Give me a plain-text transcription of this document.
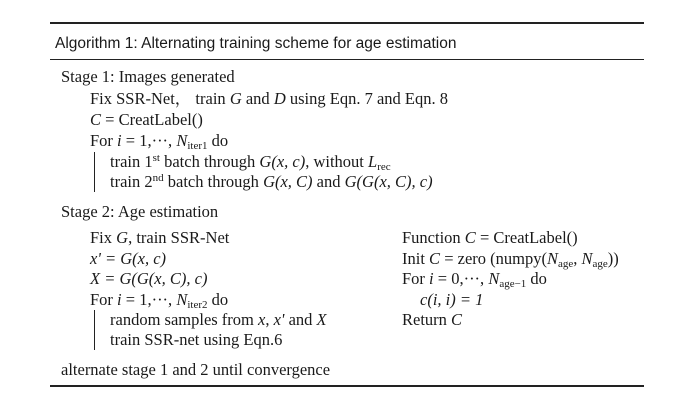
Algorithm 1: Alternating training scheme for age estimation
Stage 1: Images generated
Fix SSR-Net， train G and D using Eqn. 7 and Eqn. 8
C = CreatLabel()
For i = 1,···, $N_{iter1}$ do
train 1st batch through G(x, c), without $L_{rec}$
train 2nd batch through G(x, C) and G(G(x, C), c)
Stage 2: Age estimation
Fix G, train SSR-Net
x' = G(x, c)
X = G(G(x, C), c)
For i = 1,···, $N_{iter2}$ do
random samples from x, x' and X
train SSR-net using Eqn.6
Function C = CreatLabel()
Init C = zero ($numpy(N_{age}$, $N_{age}$))
For i = 0,···, $N_{age-1}$ do
c(i, i) = 1
Return C
alternate stage 1 and 2 until convergence
